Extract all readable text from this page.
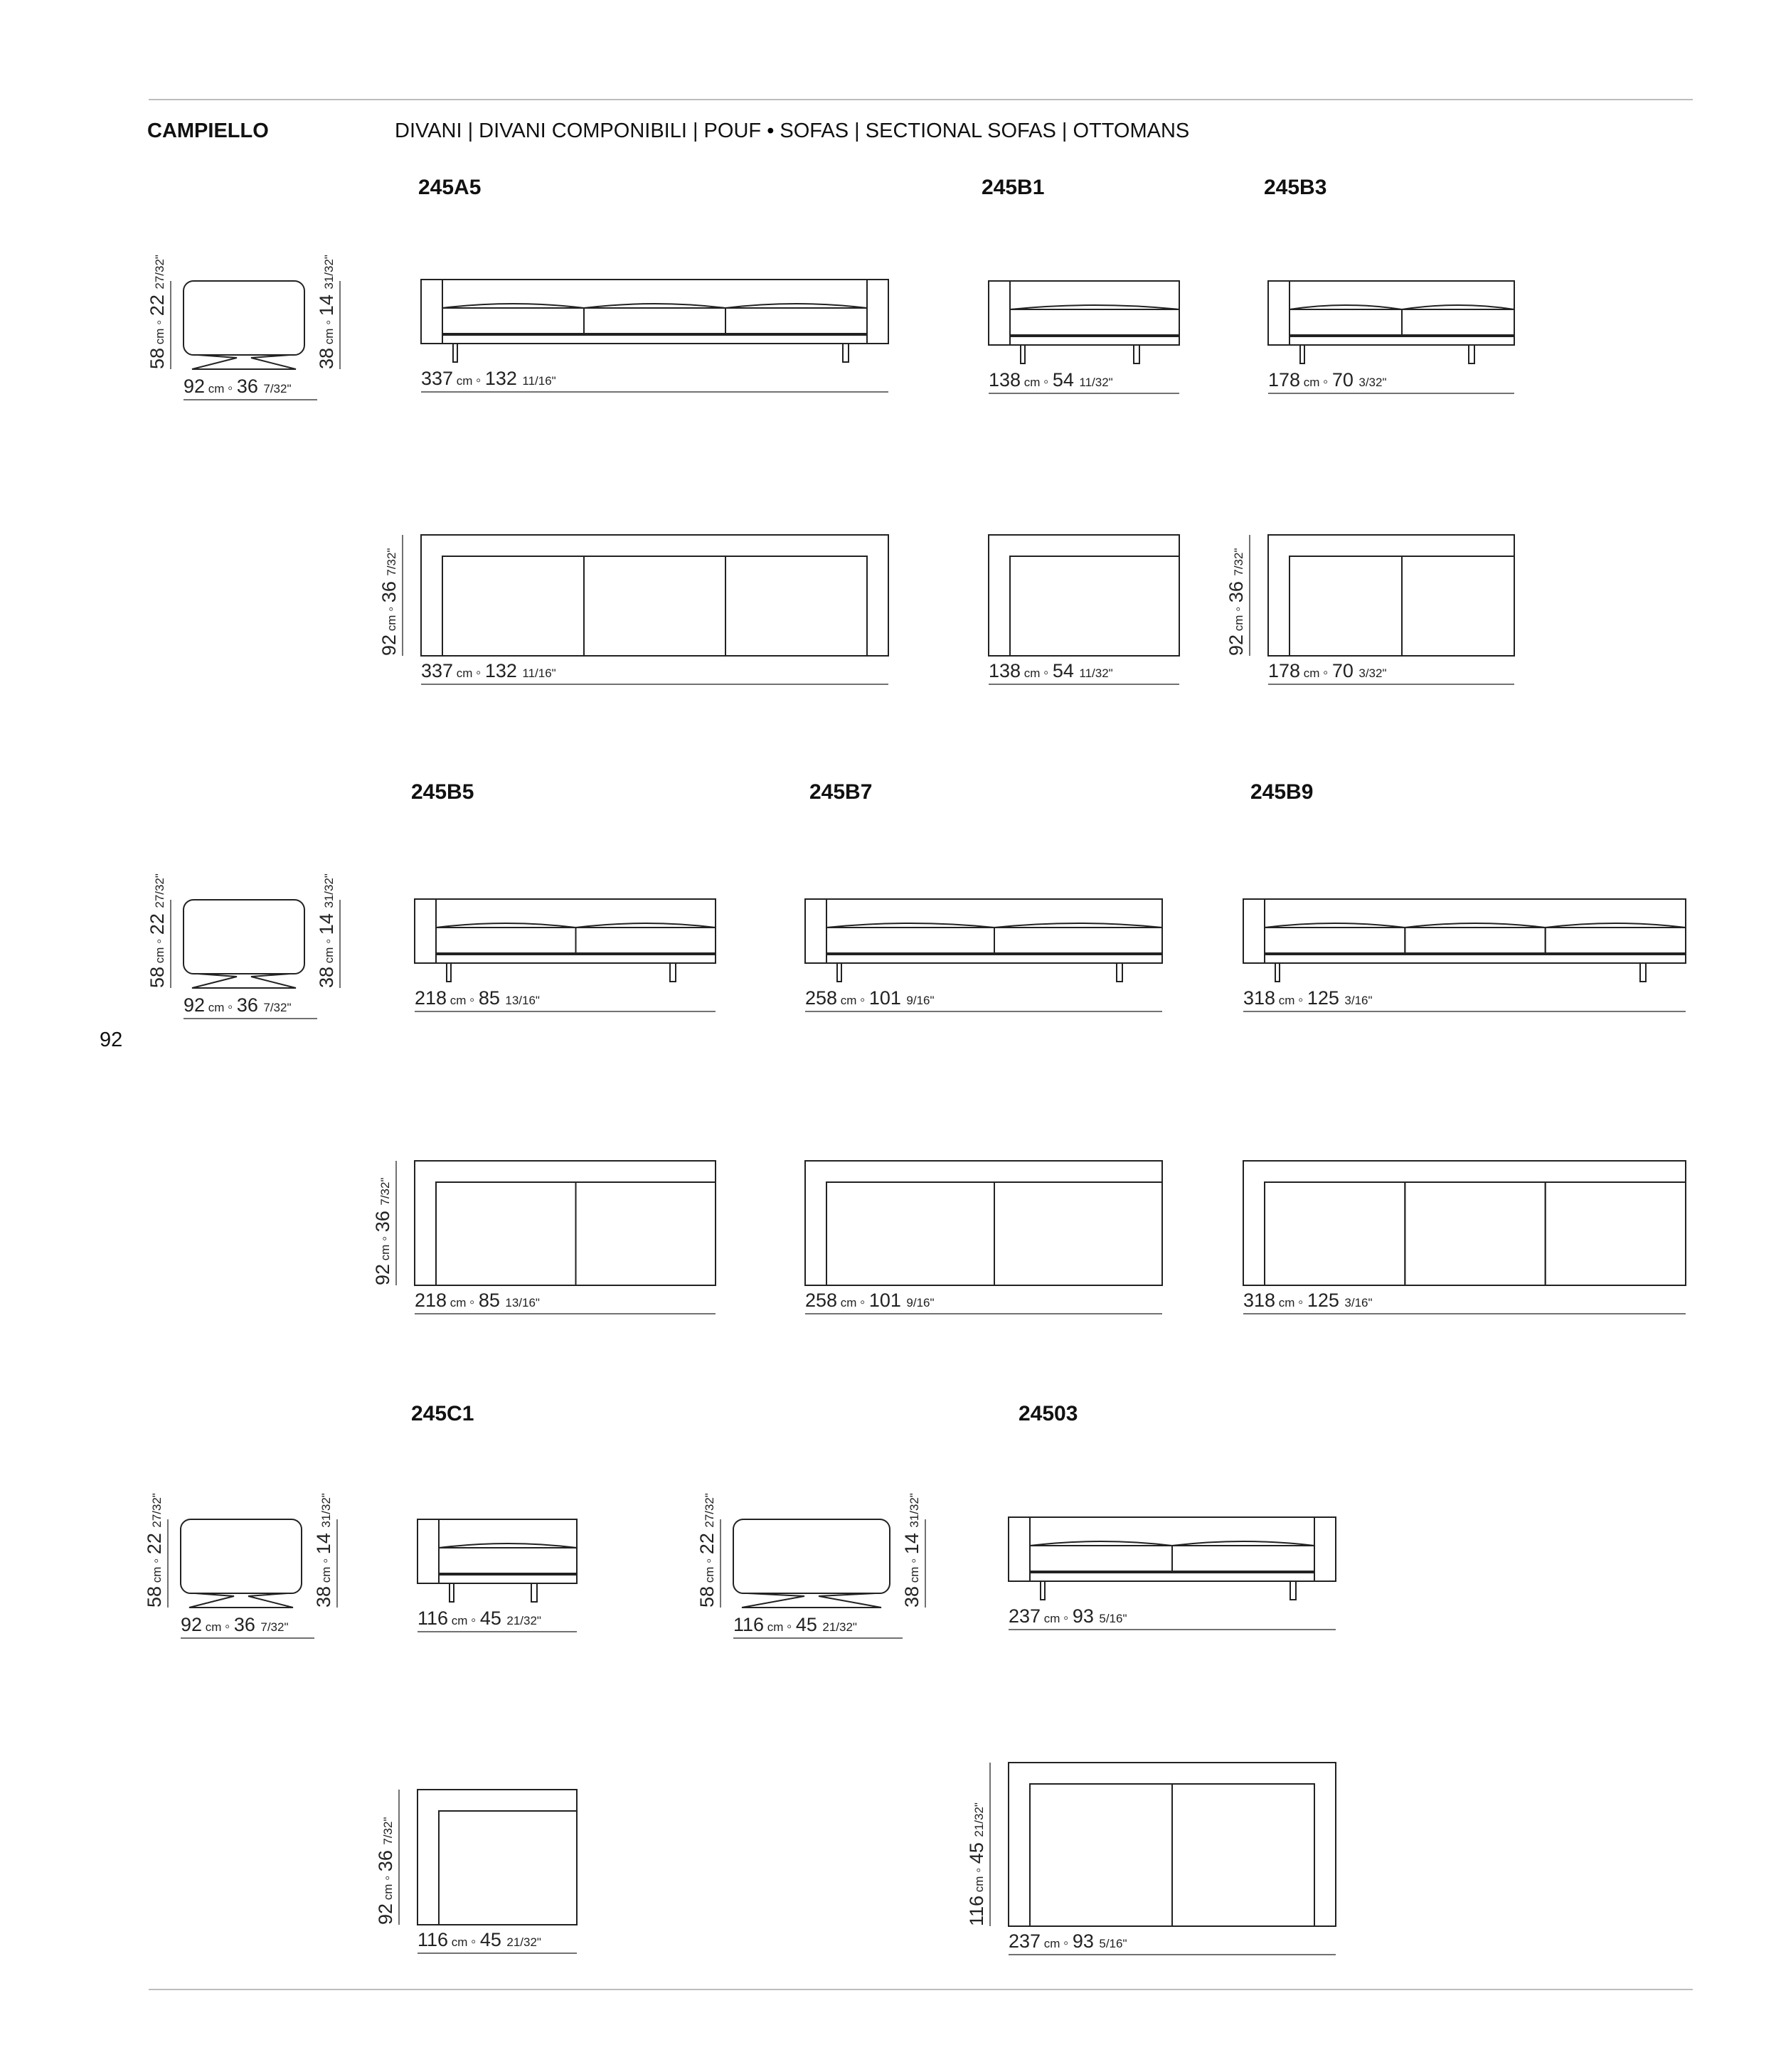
CAMPIELLO	DIVANI | DIVANI COMPONIBILI | POUF • SOFAS | SECTIONAL SOFAS | OTTOMANS
92
245A5	245B1	245B3
245B5	245B7	245B9
245C1	24503
58 cm ◦ 22 27/32"
38 cm ◦ 14 31/32"
92 cm ◦ 36 7/32"	337 cm ◦ 132 11/16"	138 cm ◦ 54 11/32"	178 cm ◦ 70 3/32"
337 cm ◦ 132 11/16"
92 cm ◦ 36 7/32"
138 cm ◦ 54 11/32"	178 cm ◦ 70 3/32"
92 cm ◦ 36 7/32"
58 cm ◦ 22 27/32"
38 cm ◦ 14 31/32"
92 cm ◦ 36 7/32"	218 cm ◦ 85 13/16"	258 cm ◦ 101 9/16"	318 cm ◦ 125 3/16"
218 cm ◦ 85 13/16"
92 cm ◦ 36 7/32"
258 cm ◦ 101 9/16"	318 cm ◦ 125 3/16"
58 cm ◦ 22 27/32"
38 cm ◦ 14 31/32"
92 cm ◦ 36 7/32"	116 cm ◦ 45 21/32"
58 cm ◦ 22 27/32"
38 cm ◦ 14 31/32"
116 cm ◦ 45 21/32"
237 cm ◦ 93 5/16"
116 cm ◦ 45 21/32"
92 cm ◦ 36 7/32"
237 cm ◦ 93 5/16"
116 cm ◦ 45 21/32"
